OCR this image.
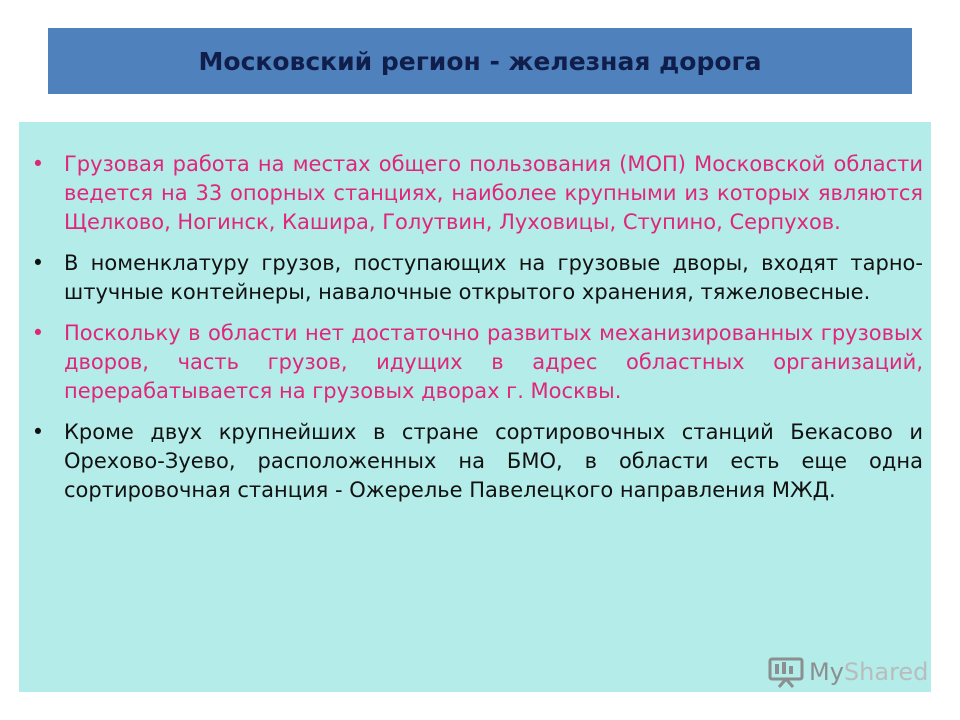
Московский регион - железная дорога
• Грузовая работа на местах общего пользования (МОП) Московской области ведется на 33 опорных станциях, наиболее крупными из которых являются Щелково, Ногинск, Кашира, Голутвин, Луховицы, Ступино, Серпухов.
• В номенклатуру грузов, поступающих на грузовые дворы, входят тарно-штучные контейнеры, навалочные открытого хранения, тяжеловесные.
• Поскольку в области нет достаточно развитых механизированных грузовых дворов, часть грузов, идущих в адрес областных организаций, перерабатывается на грузовых дворах г. Москвы.
• Кроме двух крупнейших в стране сортировочных станций Бекасово и Орехово-Зуево, расположенных на БМО, в области есть еще одна сортировочная станция - Ожерелье Павелецкого направления МЖД.
MyShared
